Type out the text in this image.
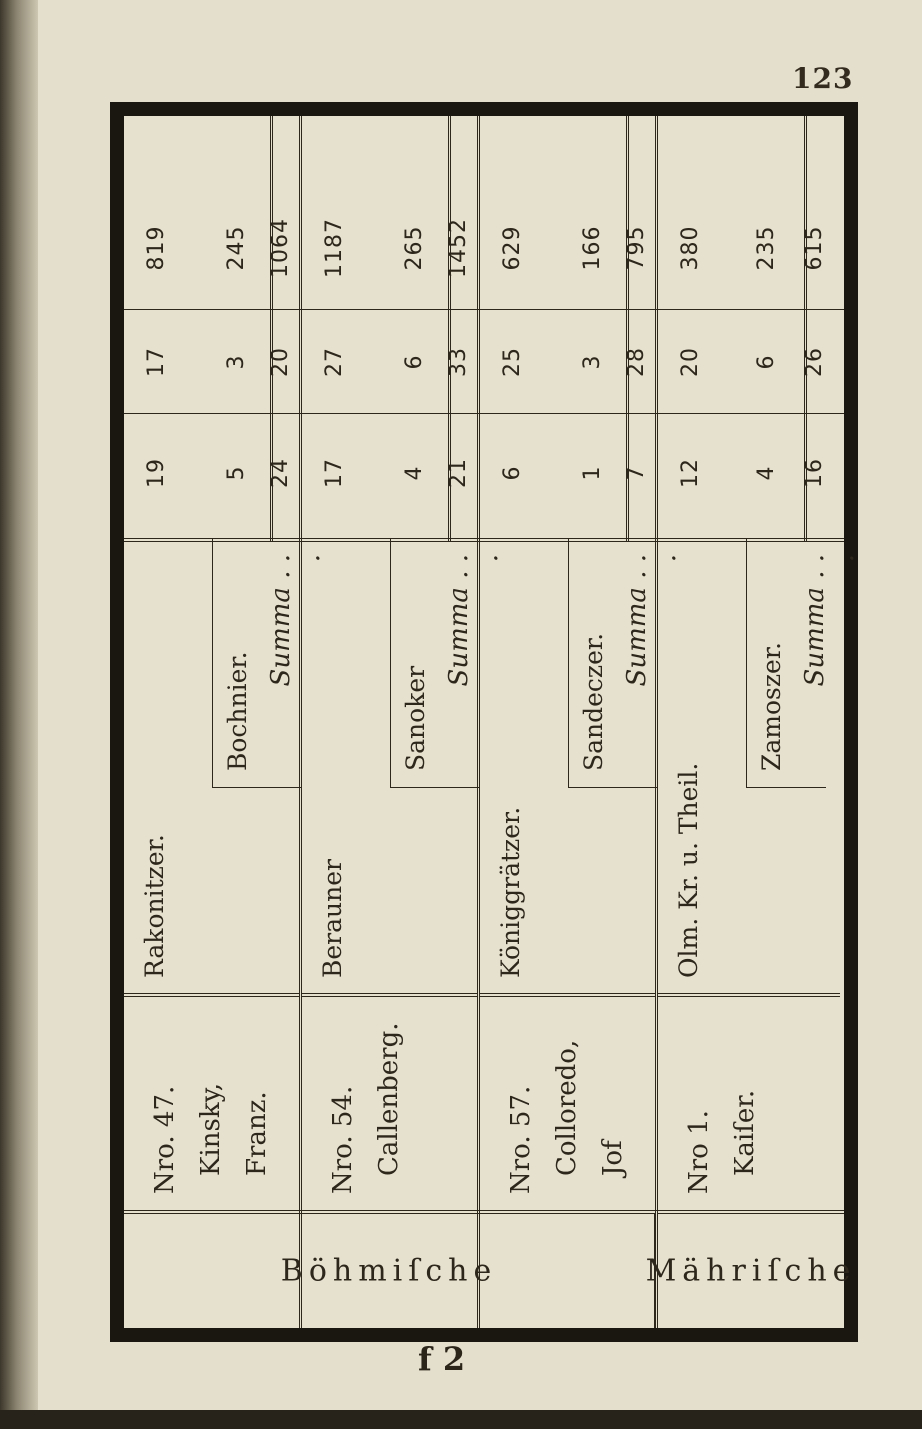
123
Nro. 47. Kinsky, Franz.
Rakonitzer.
Bochnier.
19
17
819
5
3
245
Summa . . .
24
20
1064
Nro. 54. Callenberg.
Berauner
Sanoker
17
27
1187
4
6
265
Summa . . .
21
33
1452
Nro. 57. Colloredo, Jof
Königgrätzer.
Sandeczer.
6
25
629
1
3
166
Summa . . .
7
28
795
Nro 1. Kaiſer.
Olm. Kr. u. Theil.
Zamoszer.
12
20
380
4
6
235
Summa . . .
16
26
615
Böhmiſche	Mähriſche
f 2
